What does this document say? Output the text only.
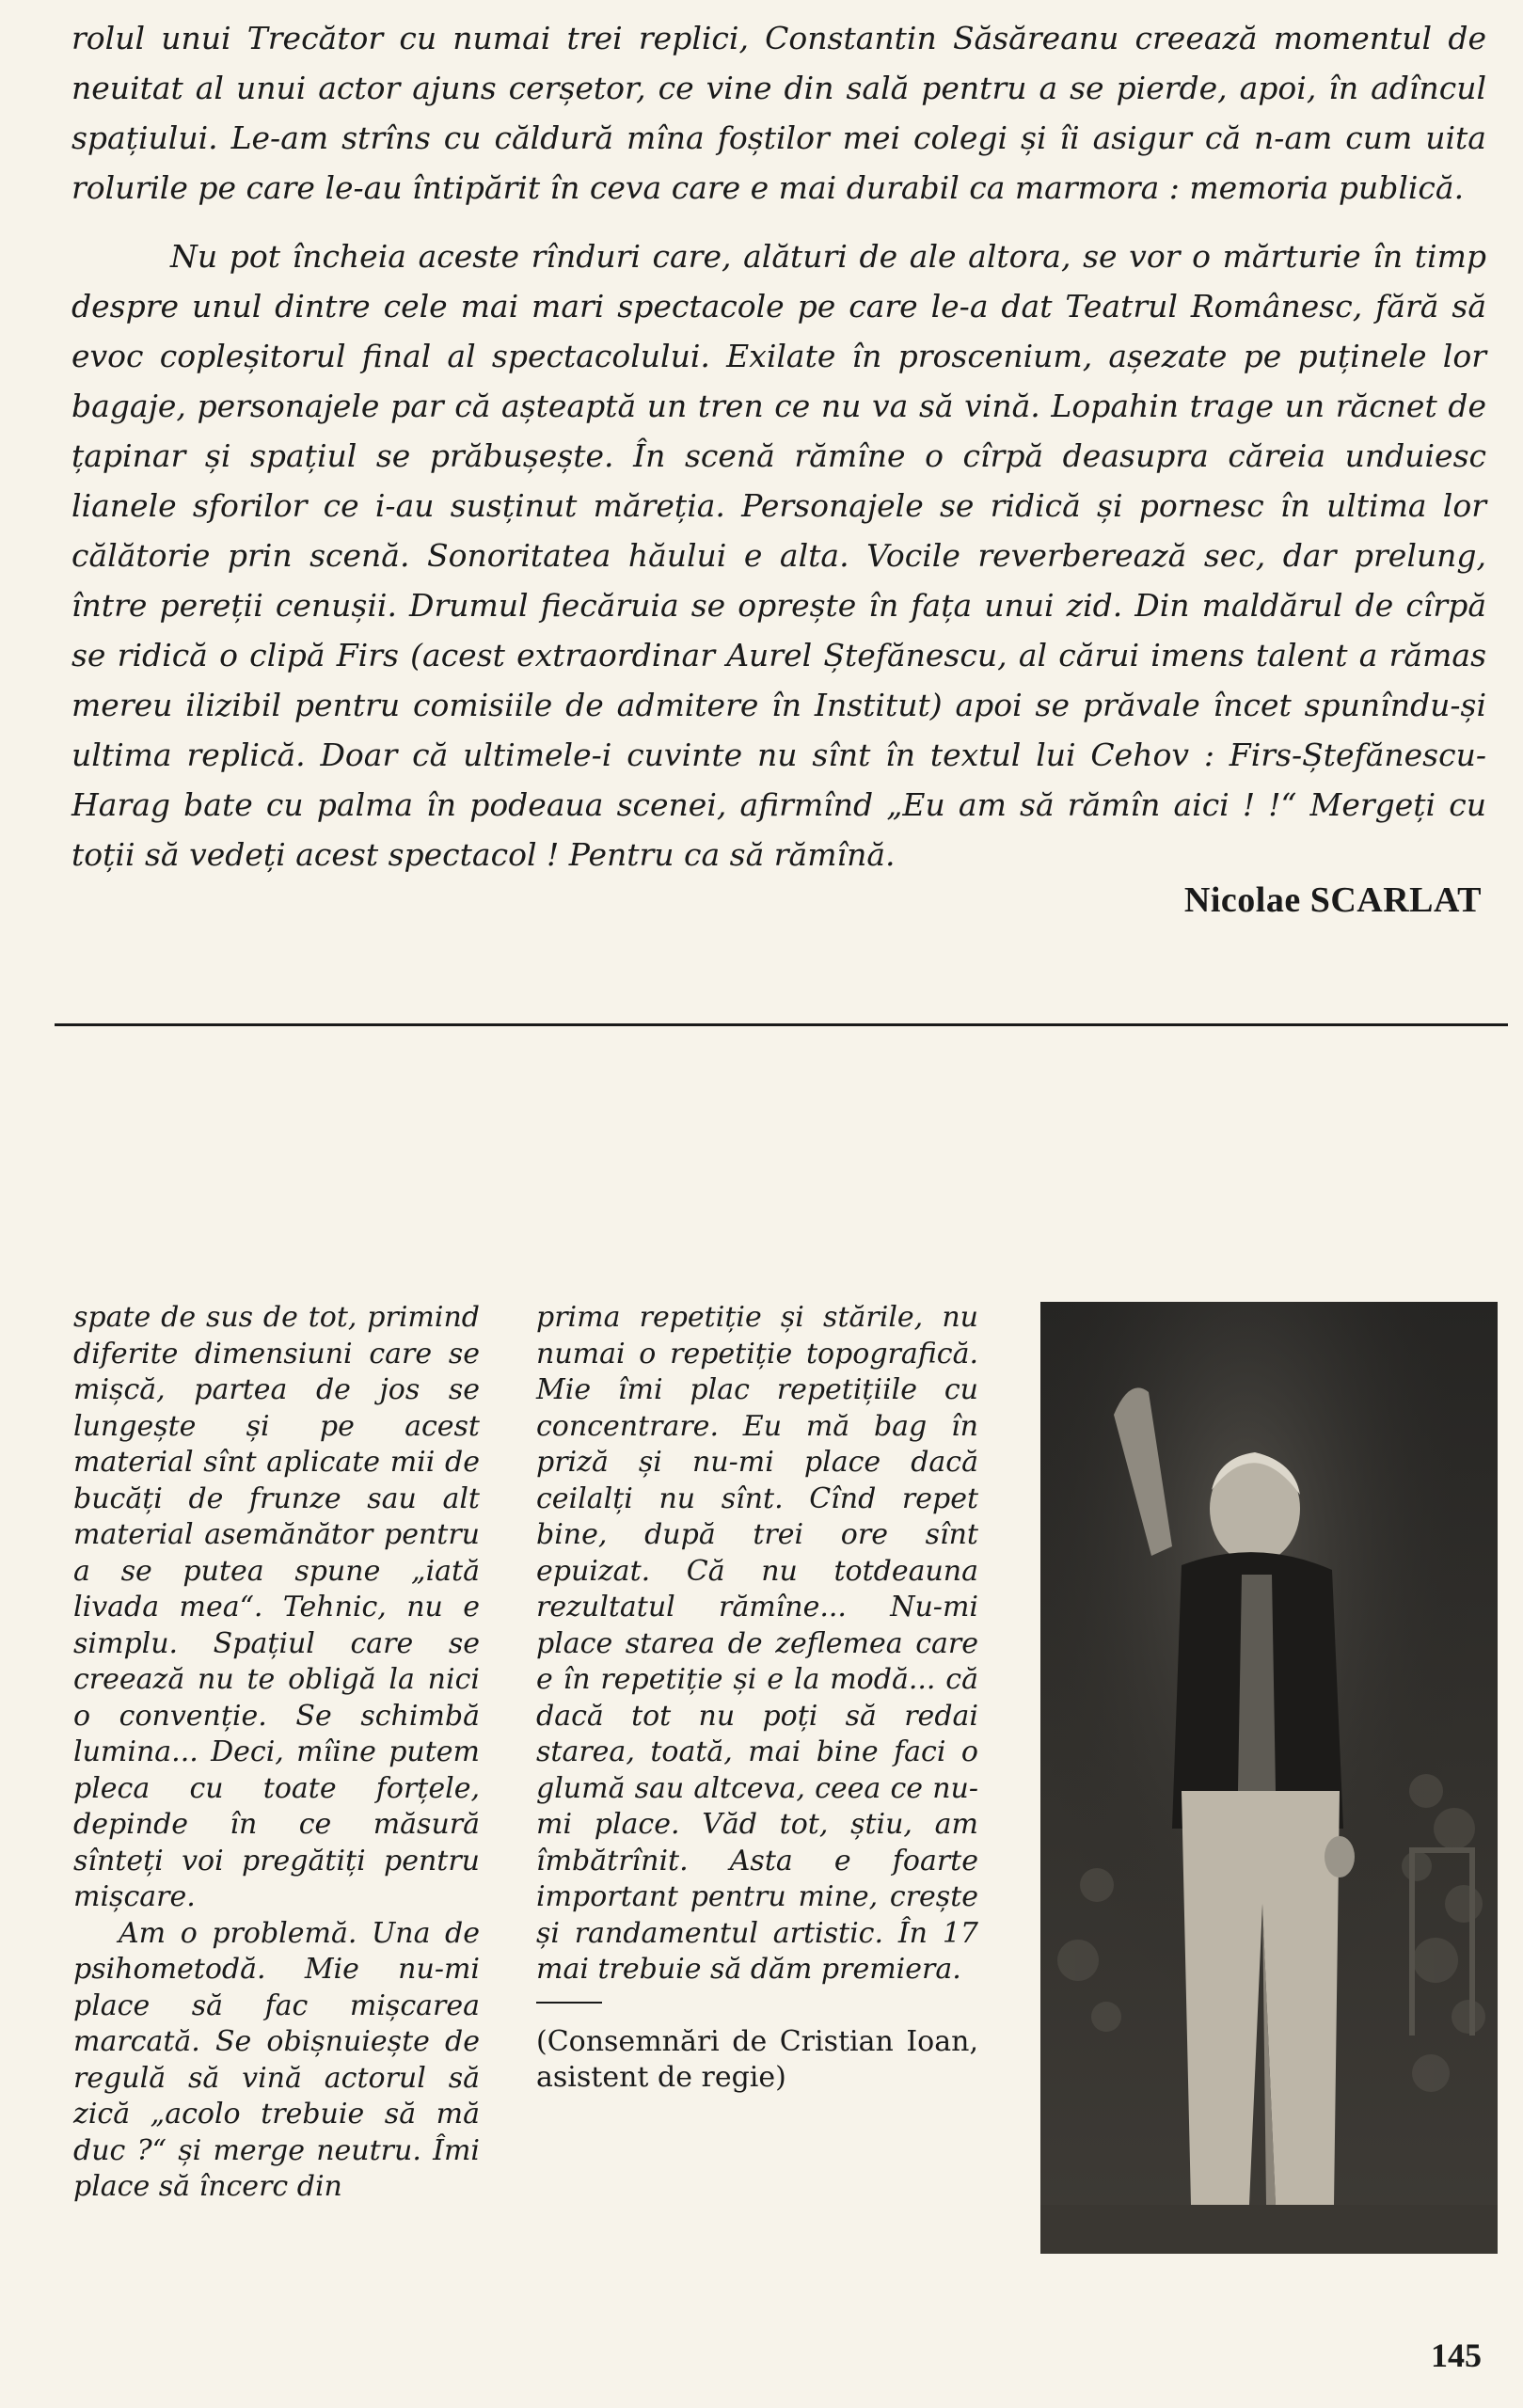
rolul unui Trecător cu numai trei replici, Constantin Săsăreanu creează momentul de neuitat al unui actor ajuns cerșetor, ce vine din sală pentru a se pierde, apoi, în adîncul spațiului. Le-am strîns cu căldură mîna foștilor mei colegi și îi asigur că n-am cum uita rolurile pe care le-au întipărit în ceva care e mai durabil ca marmora : memoria publică.

Nu pot încheia aceste rînduri care, alături de ale altora, se vor o mărturie în timp despre unul dintre cele mai mari spectacole pe care le-a dat Teatrul Românesc, fără să evoc copleșitorul final al spectacolului. Exilate în proscenium, așezate pe puținele lor bagaje, personajele par că așteaptă un tren ce nu va să vină. Lopahin trage un răcnet de țapinar și spațiul se prăbușește. În scenă rămîne o cîrpă deasupra căreia unduiesc lianele sforilor ce i-au susținut măreția. Personajele se ridică și pornesc în ultima lor călătorie prin scenă. Sonoritatea hăului e alta. Vocile reverberează sec, dar prelung, între pereții cenușii. Drumul fiecăruia se oprește în fața unui zid. Din maldărul de cîrpă se ridică o clipă Firs (acest extraordinar Aurel Ștefănescu, al cărui imens talent a rămas mereu ilizibil pentru comisiile de admitere în Institut) apoi se prăvale încet spunîndu-și ultima replică. Doar că ultimele-i cuvinte nu sînt în textul lui Cehov : Firs-Ștefănescu-Harag bate cu palma în podeaua scenei, afirmînd „Eu am să rămîn aici ! !“ Mergeți cu toții să vedeți acest spectacol ! Pentru ca să rămînă.

Nicolae SCARLAT

spate de sus de tot, primind diferite dimensiuni care se mișcă, partea de jos se lungește și pe acest material sînt aplicate mii de bucăți de frunze sau alt material asemănător pentru a se putea spune „iată livada mea“. Tehnic, nu e simplu. Spațiul care se creează nu te obligă la nici o convenție. Se schimbă lumina... Deci, mîine putem pleca cu toate forțele, depinde în ce măsură sînteți voi pregătiți pentru mișcare.

Am o problemă. Una de psihometodă. Mie nu-mi place să fac mișcarea marcată. Se obișnuiește de regulă să vină actorul să zică „acolo trebuie să mă duc ?“ și merge neutru. Îmi place să încerc din

prima repetiție și stările, nu numai o repetiție topografică. Mie îmi plac repetițiile cu concentrare. Eu mă bag în priză și nu-mi place dacă ceilalți nu sînt. Cînd repet bine, după trei ore sînt epuizat. Că nu totdeauna rezultatul rămîne... Nu-mi place starea de zeflemea care e în repetiție și e la modă... că dacă tot nu poți să redai starea, toată, mai bine faci o glumă sau altceva, ceea ce nu-mi place. Văd tot, știu, am îmbătrînit. Asta e foarte important pentru mine, crește și randamentul artistic. În 17 mai trebuie să dăm premiera.

(Consemnări de Cristian Ioan, asistent de regie)

145
